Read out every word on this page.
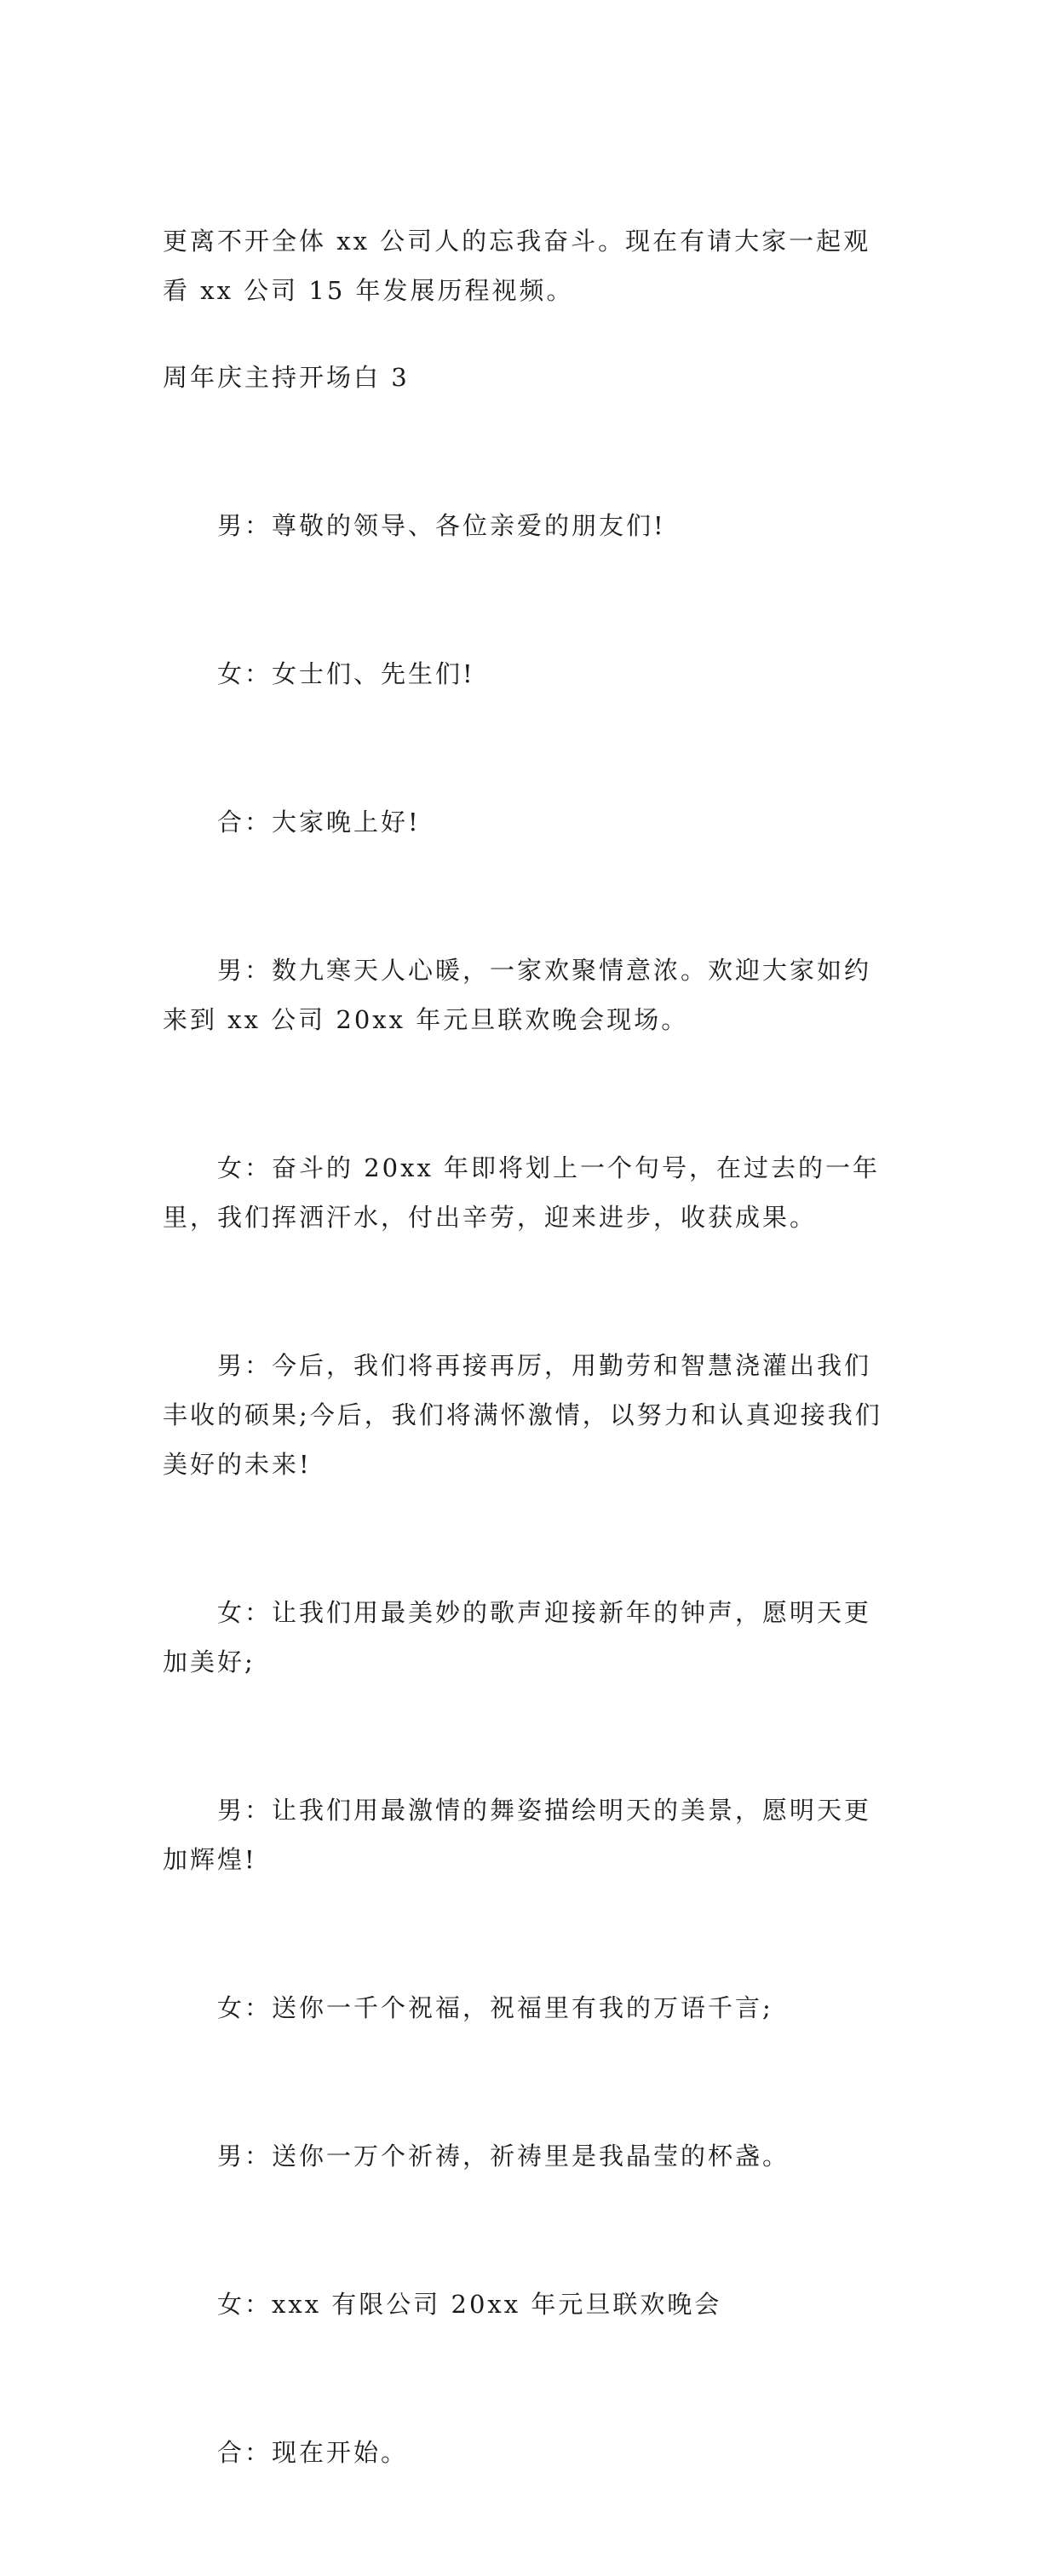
更离不开全体 xx 公司人的忘我奋斗。现在有请大家一起观看 xx 公司 15 年发展历程视频。

周年庆主持开场白 3

男：尊敬的领导、各位亲爱的朋友们!

女：女士们、先生们!

合：大家晚上好!

男：数九寒天人心暖，一家欢聚情意浓。欢迎大家如约来到 xx 公司 20xx 年元旦联欢晚会现场。

女：奋斗的 20xx 年即将划上一个句号，在过去的一年里，我们挥洒汗水，付出辛劳，迎来进步，收获成果。

男：今后，我们将再接再厉，用勤劳和智慧浇灌出我们丰收的硕果;今后，我们将满怀激情，以努力和认真迎接我们美好的未来!

女：让我们用最美妙的歌声迎接新年的钟声，愿明天更加美好;

男：让我们用最激情的舞姿描绘明天的美景，愿明天更加辉煌!

女：送你一千个祝福，祝福里有我的万语千言;

男：送你一万个祈祷，祈祷里是我晶莹的杯盏。

女：xxx 有限公司 20xx 年元旦联欢晚会

合：现在开始。
